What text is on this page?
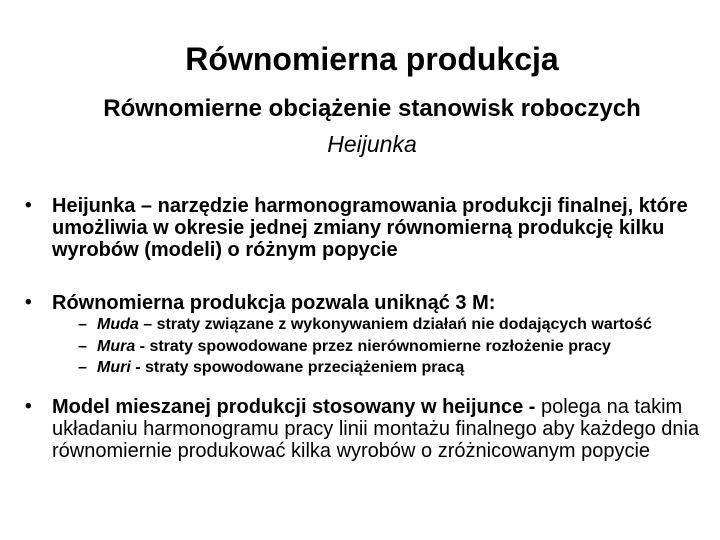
Równomierna produkcja
Równomierne obciążenie stanowisk roboczych
Heijunka
• Heijunka – narzędzie harmonogramowania produkcji finalnej, które umożliwia w okresie jednej zmiany równomierną produkcję kilku wyrobów (modeli) o różnym popycie
• Równomierna produkcja pozwala uniknąć 3 M:
– Muda – straty związane z wykonywaniem działań nie dodających wartość
– Mura - straty spowodowane przez nierównomierne rozłożenie pracy
– Muri - straty spowodowane przeciążeniem pracą
• Model mieszanej produkcji stosowany w heijunce - polega na takim układaniu harmonogramu pracy linii montażu finalnego aby każdego dnia równomiernie produkować kilka wyrobów o zróżnicowanym popycie
